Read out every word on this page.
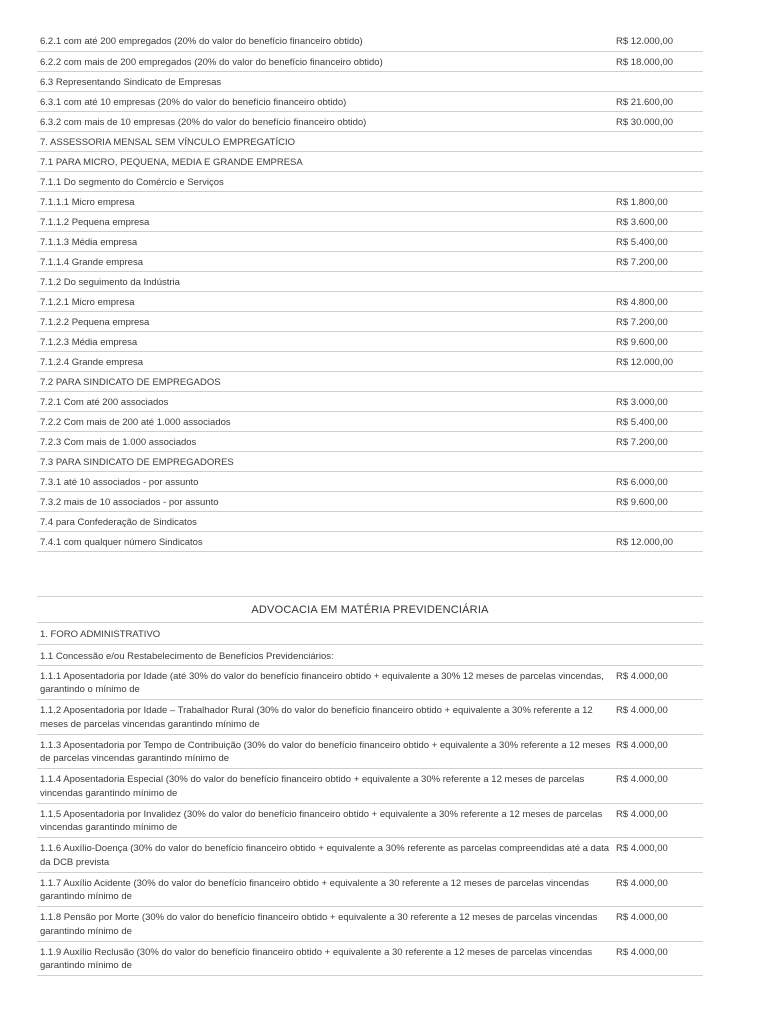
6.2.1 com até 200 empregados (20% do valor do benefício financeiro obtido)	R$ 12.000,00
6.2.2 com mais de 200 empregados (20% do valor do benefício financeiro obtido)	R$ 18.000,00
6.3 Representando Sindicato de Empresas	
6.3.1 com até 10 empresas (20% do valor do benefício financeiro obtido)	R$ 21.600,00
6.3.2 com mais de 10 empresas (20% do valor do benefício financeiro obtido)	R$ 30.000,00
7. ASSESSORIA MENSAL SEM VÍNCULO EMPREGATÍCIO	
7.1 PARA MICRO, PEQUENA, MEDIA E GRANDE EMPRESA	
7.1.1 Do segmento do Comércio e Serviços	
7.1.1.1 Micro empresa	R$ 1.800,00
7.1.1.2 Pequena empresa	R$ 3.600,00
7.1.1.3 Média empresa	R$ 5.400,00
7.1.1.4 Grande empresa	R$ 7.200,00
7.1.2 Do seguimento da Indústria	
7.1.2.1 Micro empresa	R$ 4.800,00
7.1.2.2 Pequena empresa	R$ 7.200,00
7.1.2.3 Média empresa	R$ 9.600,00
7.1.2.4 Grande empresa	R$ 12.000,00
7.2 PARA SINDICATO DE EMPREGADOS	
7.2.1 Com até 200 associados	R$ 3.000,00
7.2.2 Com mais de 200 até 1.000 associados	R$ 5.400,00
7.2.3 Com mais de 1.000 associados	R$ 7.200,00
7.3 PARA SINDICATO DE EMPREGADORES	
7.3.1 até 10 associados - por assunto	R$ 6.000,00
7.3.2 mais de 10 associados - por assunto	R$ 9.600,00
7.4 para Confederação de Sindicatos	
7.4.1 com qualquer número Sindicatos	R$ 12.000,00
ADVOCACIA EM MATÉRIA PREVIDENCIÁRIA
1. FORO ADMINISTRATIVO	
1.1 Concessão e/ou Restabelecimento de Benefícios Previdenciários:	
1.1.1 Aposentadoria por Idade (até 30% do valor do benefício financeiro obtido + equivalente a 30% 12 meses de parcelas vincendas, garantindo o mínimo de	R$ 4.000,00
1.1.2 Aposentadoria por Idade – Trabalhador Rural (30% do valor do benefício financeiro obtido + equivalente a 30% referente a 12 meses de parcelas vincendas garantindo mínimo de	R$ 4.000,00
1.1.3 Aposentadoria por Tempo de Contribuição (30% do valor do benefício financeiro obtido + equivalente a 30% referente a 12 meses de parcelas vincendas garantindo mínimo de	R$ 4.000,00
1.1.4 Aposentadoria Especial (30% do valor do benefício financeiro obtido + equivalente a 30% referente a 12 meses de parcelas vincendas garantindo mínimo de	R$ 4.000,00
1.1.5 Aposentadoria por Invalidez (30% do valor do benefício financeiro obtido + equivalente a 30% referente a 12 meses de parcelas vincendas garantindo mínimo de	R$ 4.000,00
1.1.6 Auxílio-Doença (30% do valor do benefício financeiro obtido + equivalente a 30% referente as parcelas compreendidas até a data da DCB prevista	R$ 4.000,00
1.1.7 Auxílio Acidente (30% do valor do benefício financeiro obtido + equivalente a 30 referente a 12 meses de parcelas vincendas garantindo mínimo de	R$ 4.000,00
1.1.8 Pensão por Morte (30% do valor do benefício financeiro obtido + equivalente a 30 referente a 12 meses de parcelas vincendas garantindo mínimo de	R$ 4.000,00
1.1.9 Auxílio Reclusão (30% do valor do benefício financeiro obtido + equivalente a 30 referente a 12 meses de parcelas vincendas garantindo mínimo de	R$ 4.000,00
